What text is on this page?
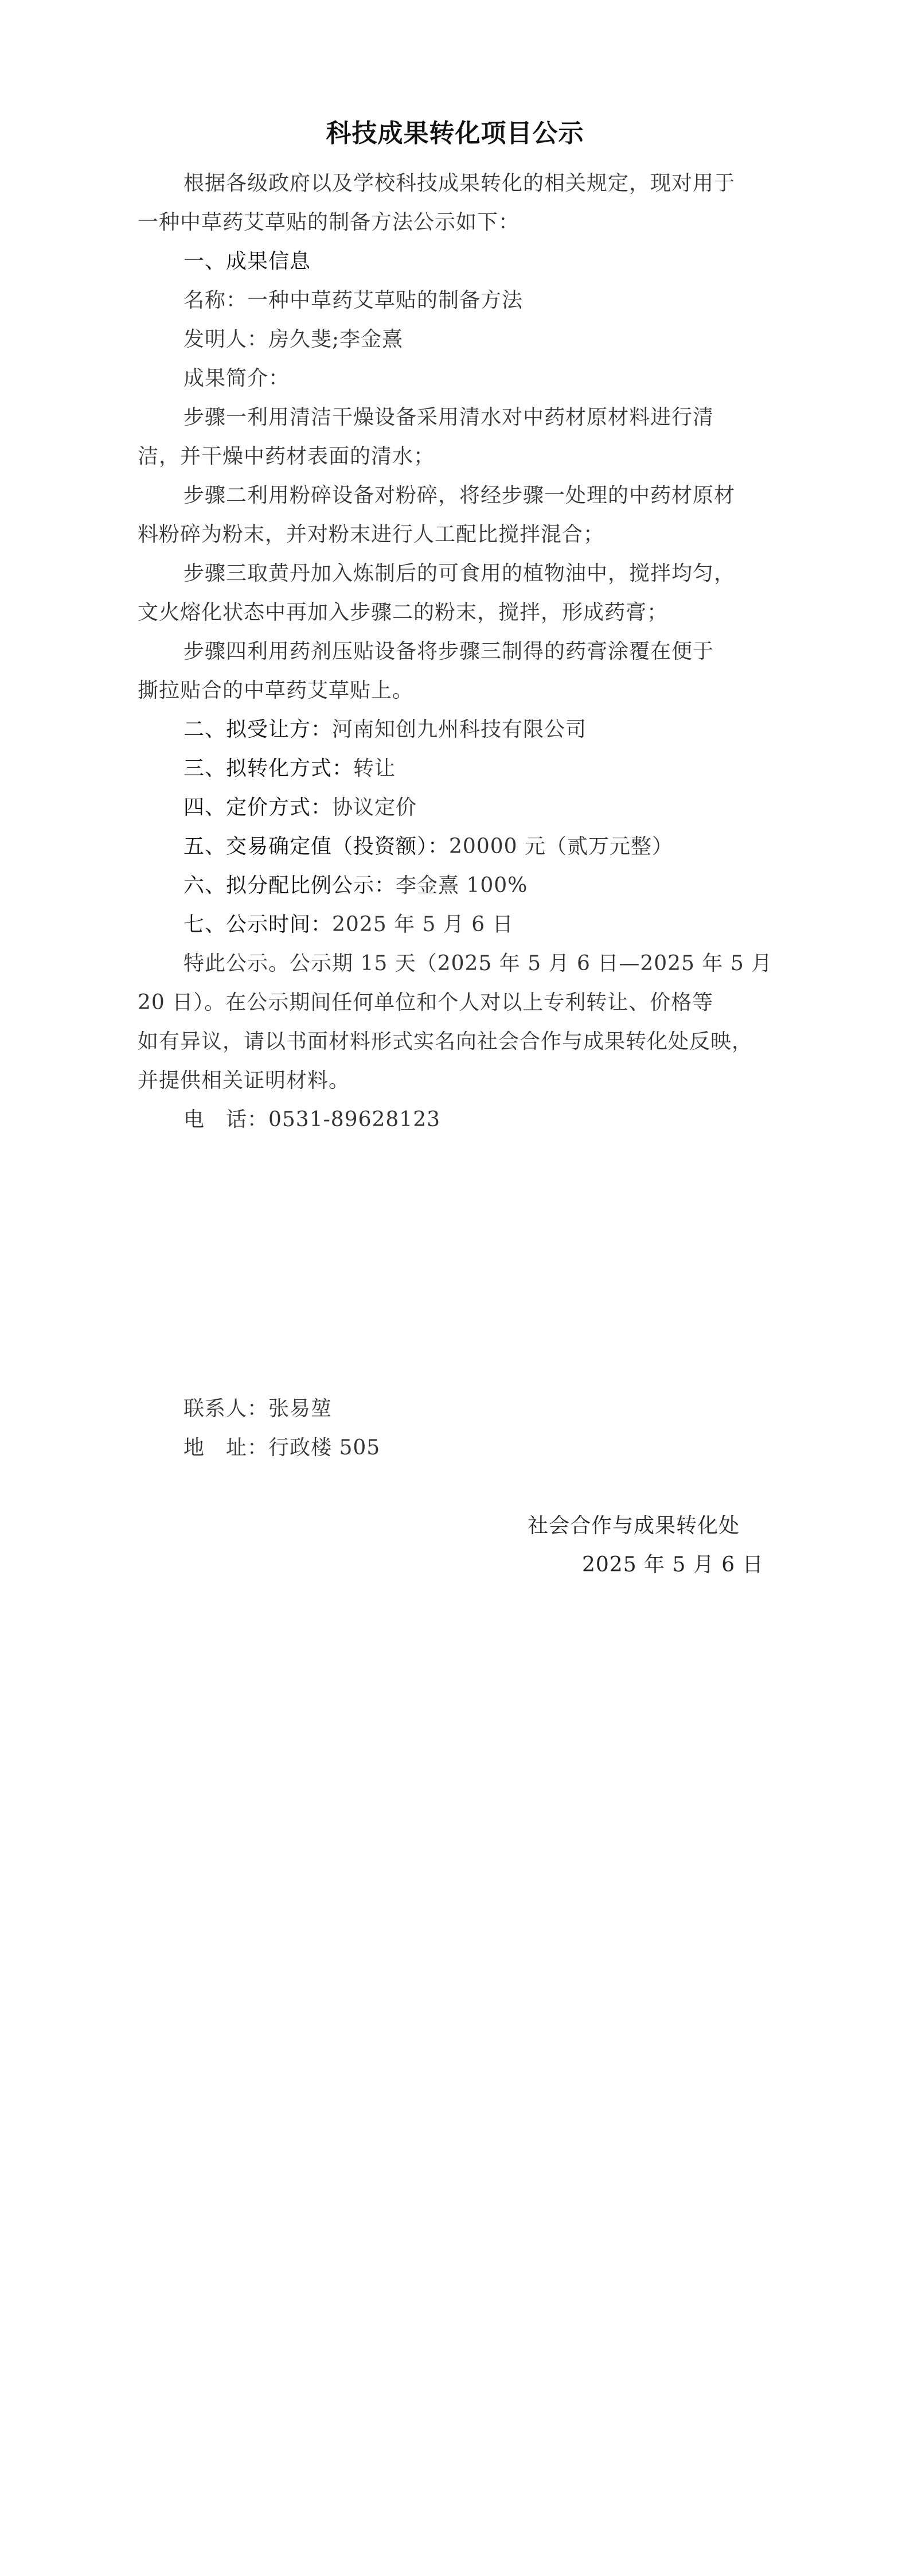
科技成果转化项目公示
根据各级政府以及学校科技成果转化的相关规定，现对用于
一种中草药艾草贴的制备方法公示如下：
一、成果信息
名称：一种中草药艾草贴的制备方法
发明人：房久斐;李金熹
成果简介：
步骤一利用清洁干燥设备采用清水对中药材原材料进行清
洁，并干燥中药材表面的清水；
步骤二利用粉碎设备对粉碎，将经步骤一处理的中药材原材
料粉碎为粉末，并对粉末进行人工配比搅拌混合；
步骤三取黄丹加入炼制后的可食用的植物油中，搅拌均匀，
文火熔化状态中再加入步骤二的粉末，搅拌，形成药膏；
步骤四利用药剂压贴设备将步骤三制得的药膏涂覆在便于
撕拉贴合的中草药艾草贴上。
二、拟受让方：河南知创九州科技有限公司
三、拟转化方式：转让
四、定价方式：协议定价
五、交易确定值（投资额）：20000 元（贰万元整）
六、拟分配比例公示：李金熹 100%
七、公示时间：2025 年 5 月 6 日
特此公示。公示期 15 天（2025 年 5 月 6 日—2025 年 5 月
20 日）。在公示期间任何单位和个人对以上专利转让、价格等
如有异议，请以书面材料形式实名向社会合作与成果转化处反映，
并提供相关证明材料。
电　话：0531-89628123
联系人：张易堃
地　址：行政楼 505
社会合作与成果转化处
2025 年 5 月 6 日
